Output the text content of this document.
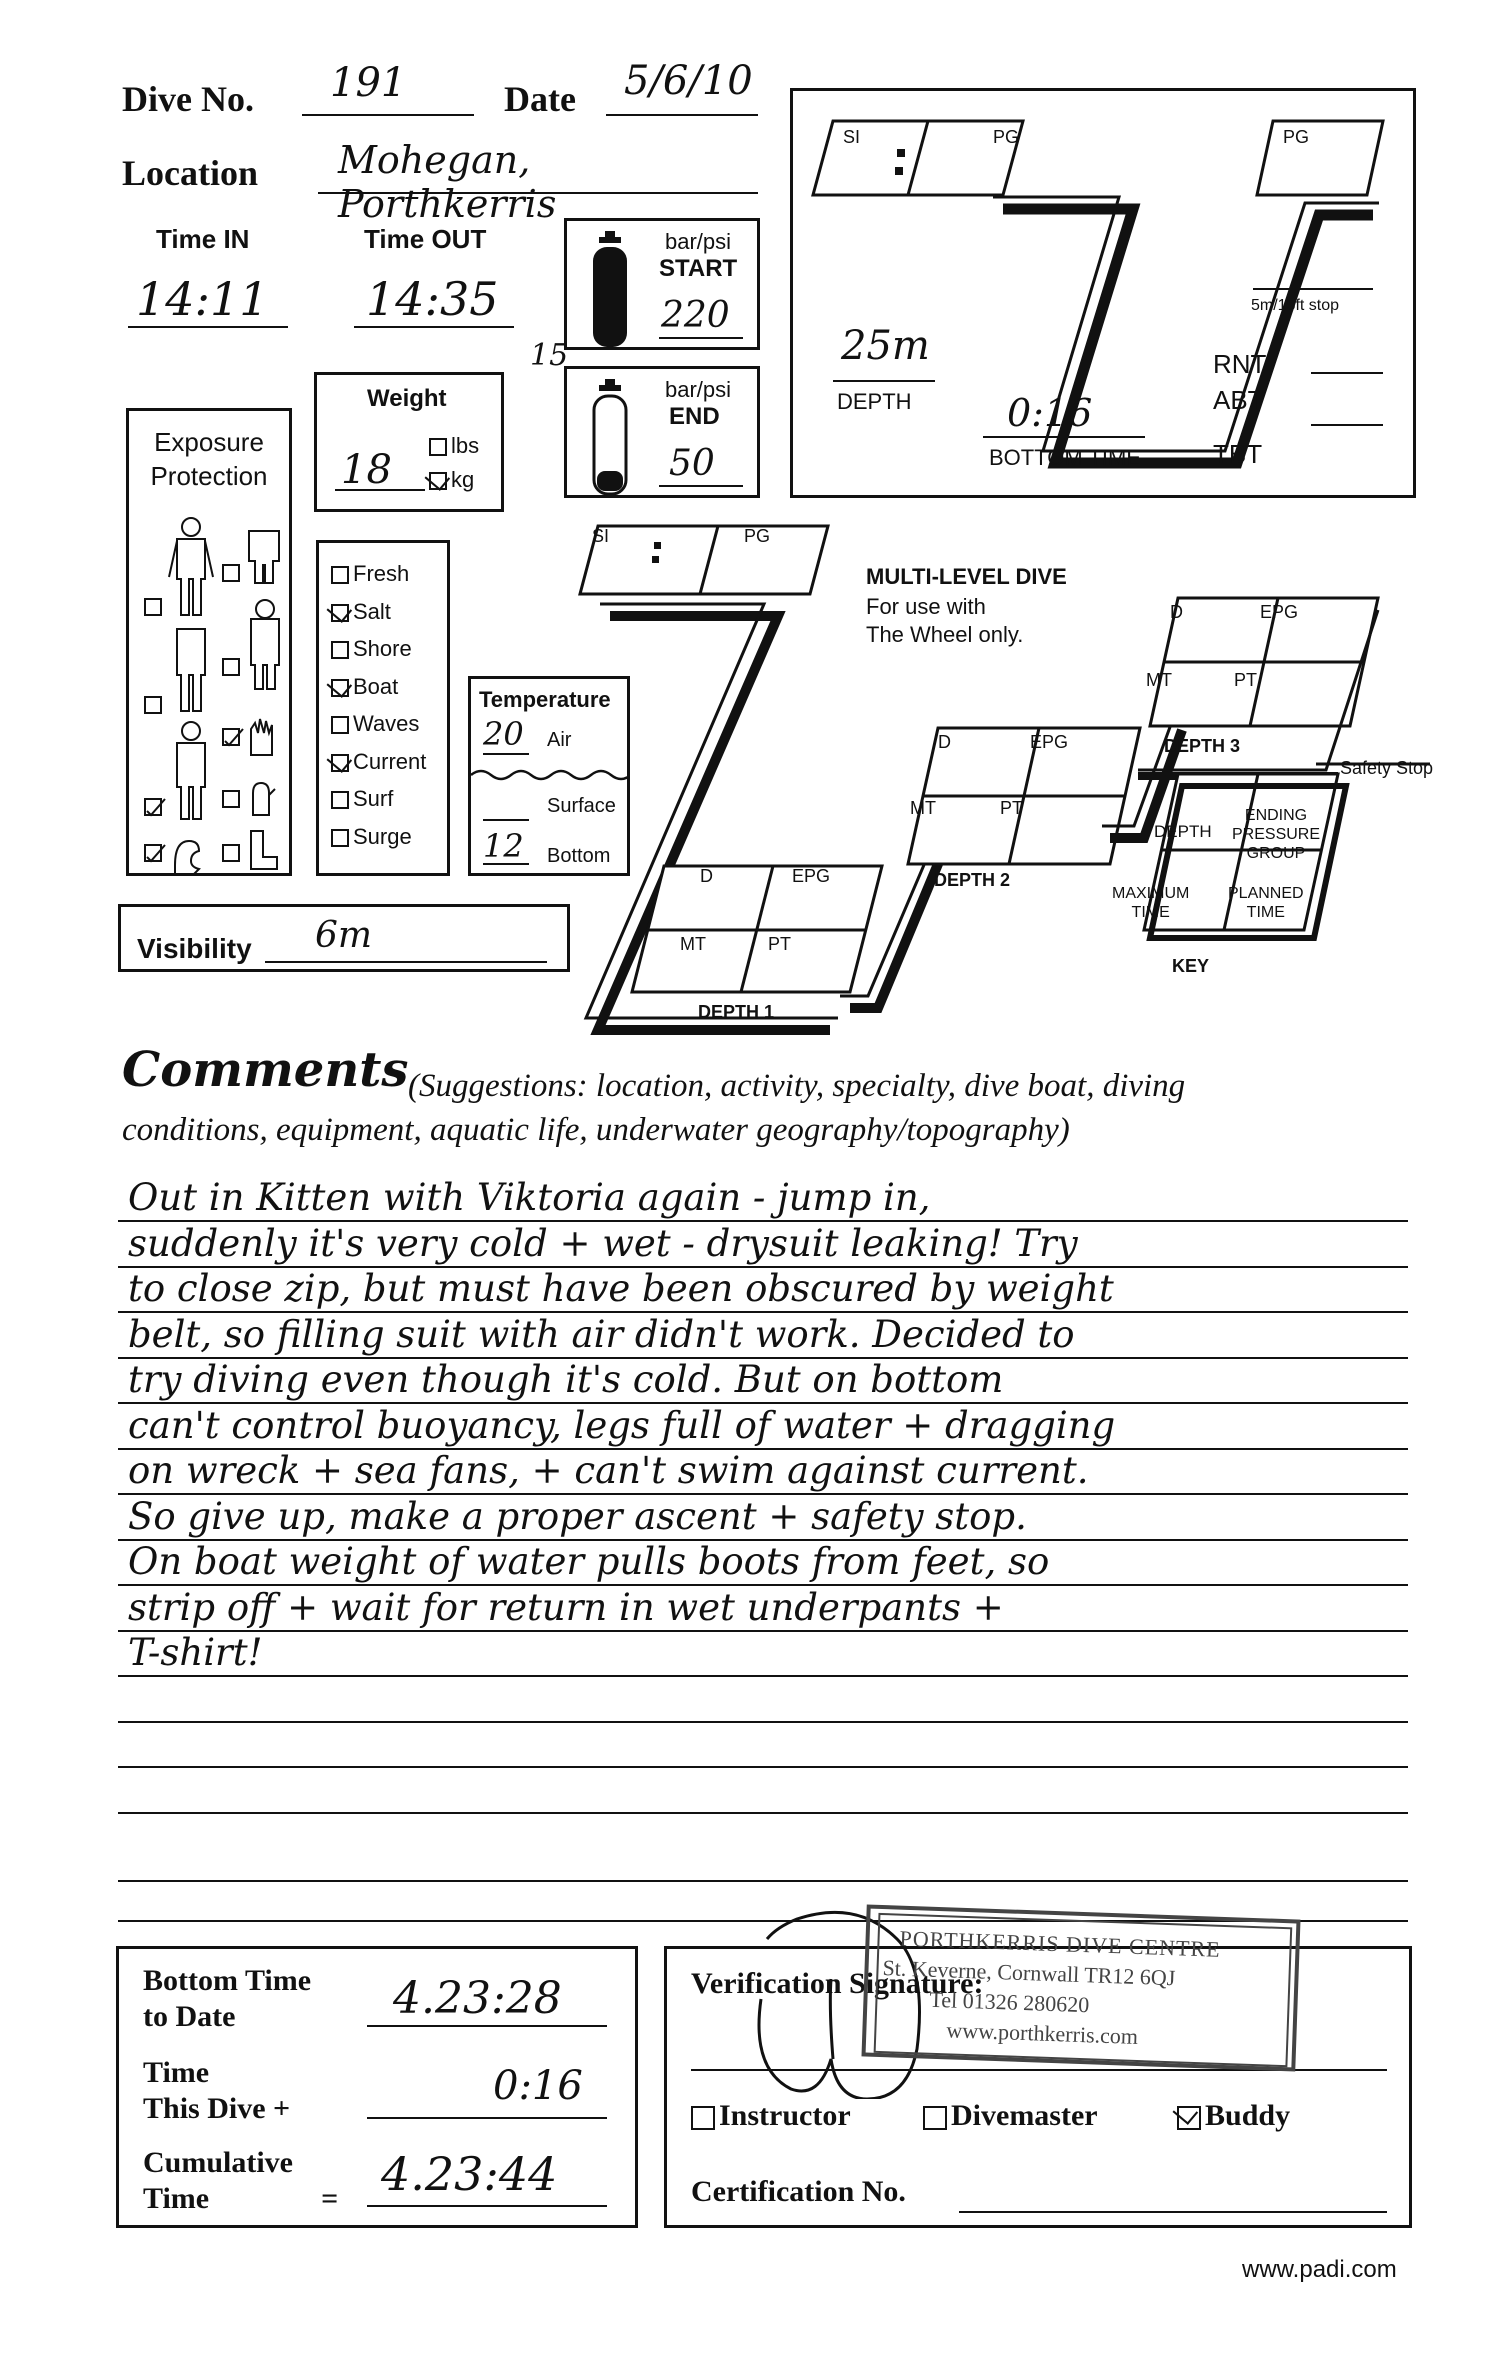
Dive No. 191	Date 5/6/10
Location Mohegan, Porthkerris
Time IN
14:11
Time OUT
14:35
bar/psi
START
220
15
bar/psi
END
50
Weight
18
lbs
kg
Exposure
Protection
Fresh
Salt
Shore
Boat
Waves
Current
Surf
Surge
Temperature
20 Air
Surface
12 Bottom
Visibility 6m
SI	PG	PG
25m
DEPTH	0:16
BOTTOM TIME
5m/15ft stop
RNT
ABT
TBT
SI	PG
MULTI-LEVEL DIVE
For use with
The Wheel only.
D	EPG
MT	PT
DEPTH 1
D	EPG
MT	PT
DEPTH 2
D	EPG
MT	PT
DEPTH 3
Safety Stop
DEPTH
ENDING
PRESSURE
GROUP
MAXIMUM
TIME
PLANNED
TIME
KEY
Comments (Suggestions: location, activity, specialty, dive boat, diving
conditions, equipment, aquatic life, underwater geography/topography)
Out in Kitten with Viktoria again - jump in,
suddenly it's very cold + wet - drysuit leaking! Try
to close zip, but must have been obscured by weight
belt, so filling suit with air didn't work. Decided to
try diving even though it's cold. But on bottom
can't control buoyancy, legs full of water + dragging
on wreck + sea fans, + can't swim against current.
So give up, make a proper ascent + safety stop.
On boat weight of water pulls boots from feet, so
strip off + wait for return in wet underpants +
T-shirt!
Bottom Time
to Date	4.23:28
Time
This Dive +	0:16
Cumulative
Time	= 4.23:44
Verification Signature:
Instructor	Divemaster	Buddy
Certification No.
PORTHKERRIS DIVE CENTRE
St. Keverne, Cornwall TR12 6QJ
Tel 01326 280620
www.porthkerris.com
www.padi.com
